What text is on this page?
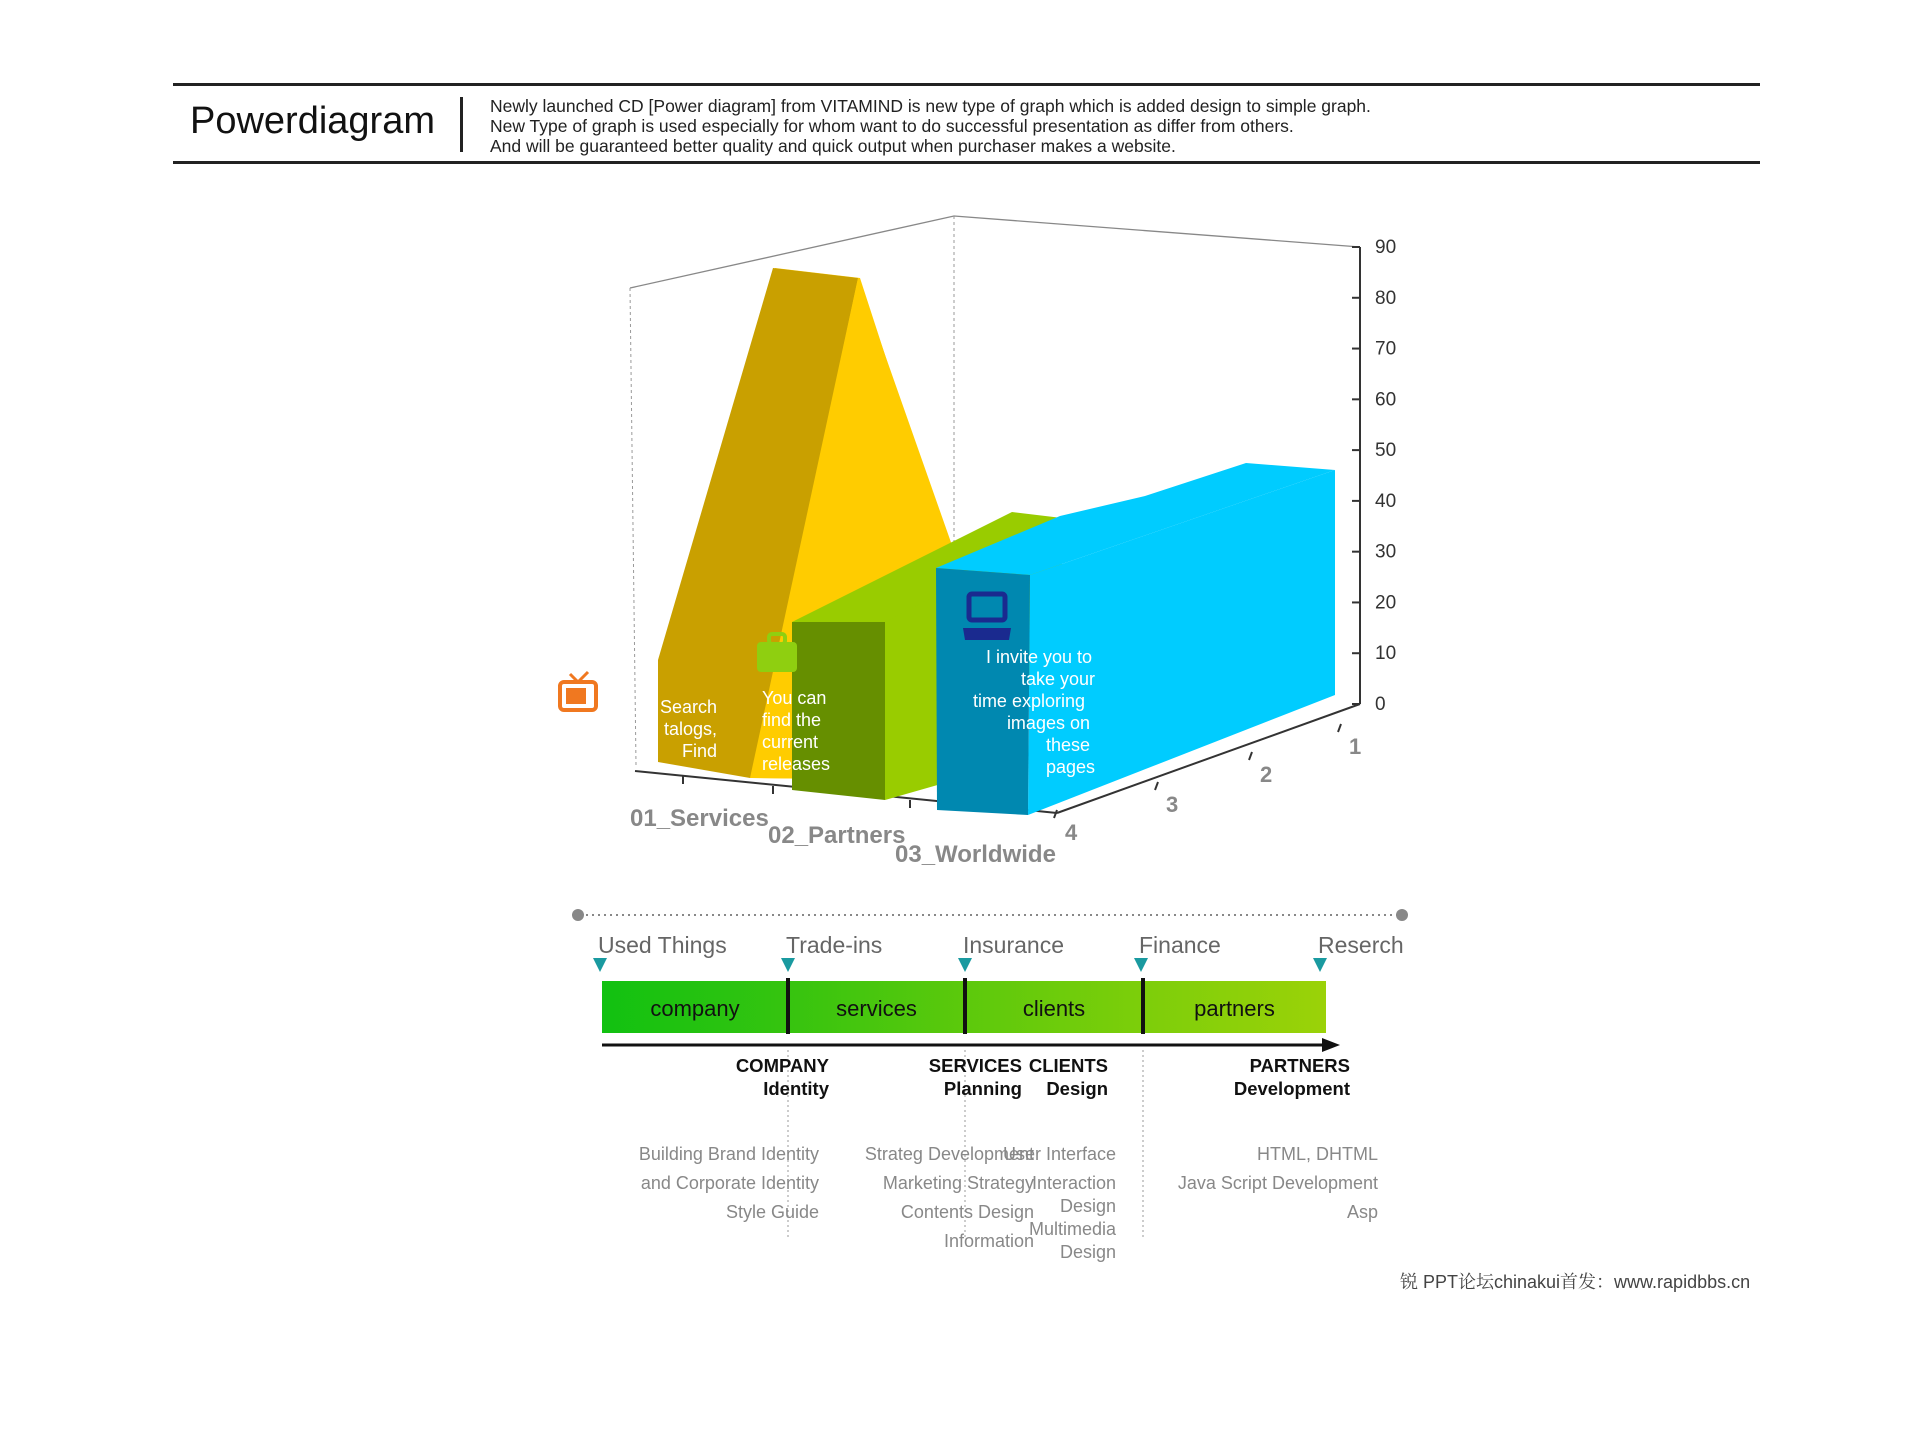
Powerdiagram	Newly launched CD [Power diagram] from VITAMIND is new type of graph which is added design to simple graph.
New Type of graph is used especially for whom want to do successful presentation as differ from others.
And will be guaranteed better quality and quick output when purchaser makes a website.
0
10
20
30
40
50
60
70
80
90
1
2
3
4
01_Services
02_Partners
03_Worldwide
Search
talogs,
Find
You can
find the
current
releases
I invite you to
take your
time exploring
images on
these
pages
Used Things	Trade-ins	Insurance	Finance	Reserch
company	services	clients	partners
COMPANY
Identity
SERVICES
Planning
CLIENTS
Design
PARTNERS
Development
Building Brand Identity
and Corporate Identity
Style Guide
Strateg Development
Marketing Strategy
Contents Design
Information
User Interface
Interaction
Design
Multimedia
Design
HTML, DHTML
Java Script Development
Asp
锐 PPT论坛chinakui首发：www.rapidbbs.cn
